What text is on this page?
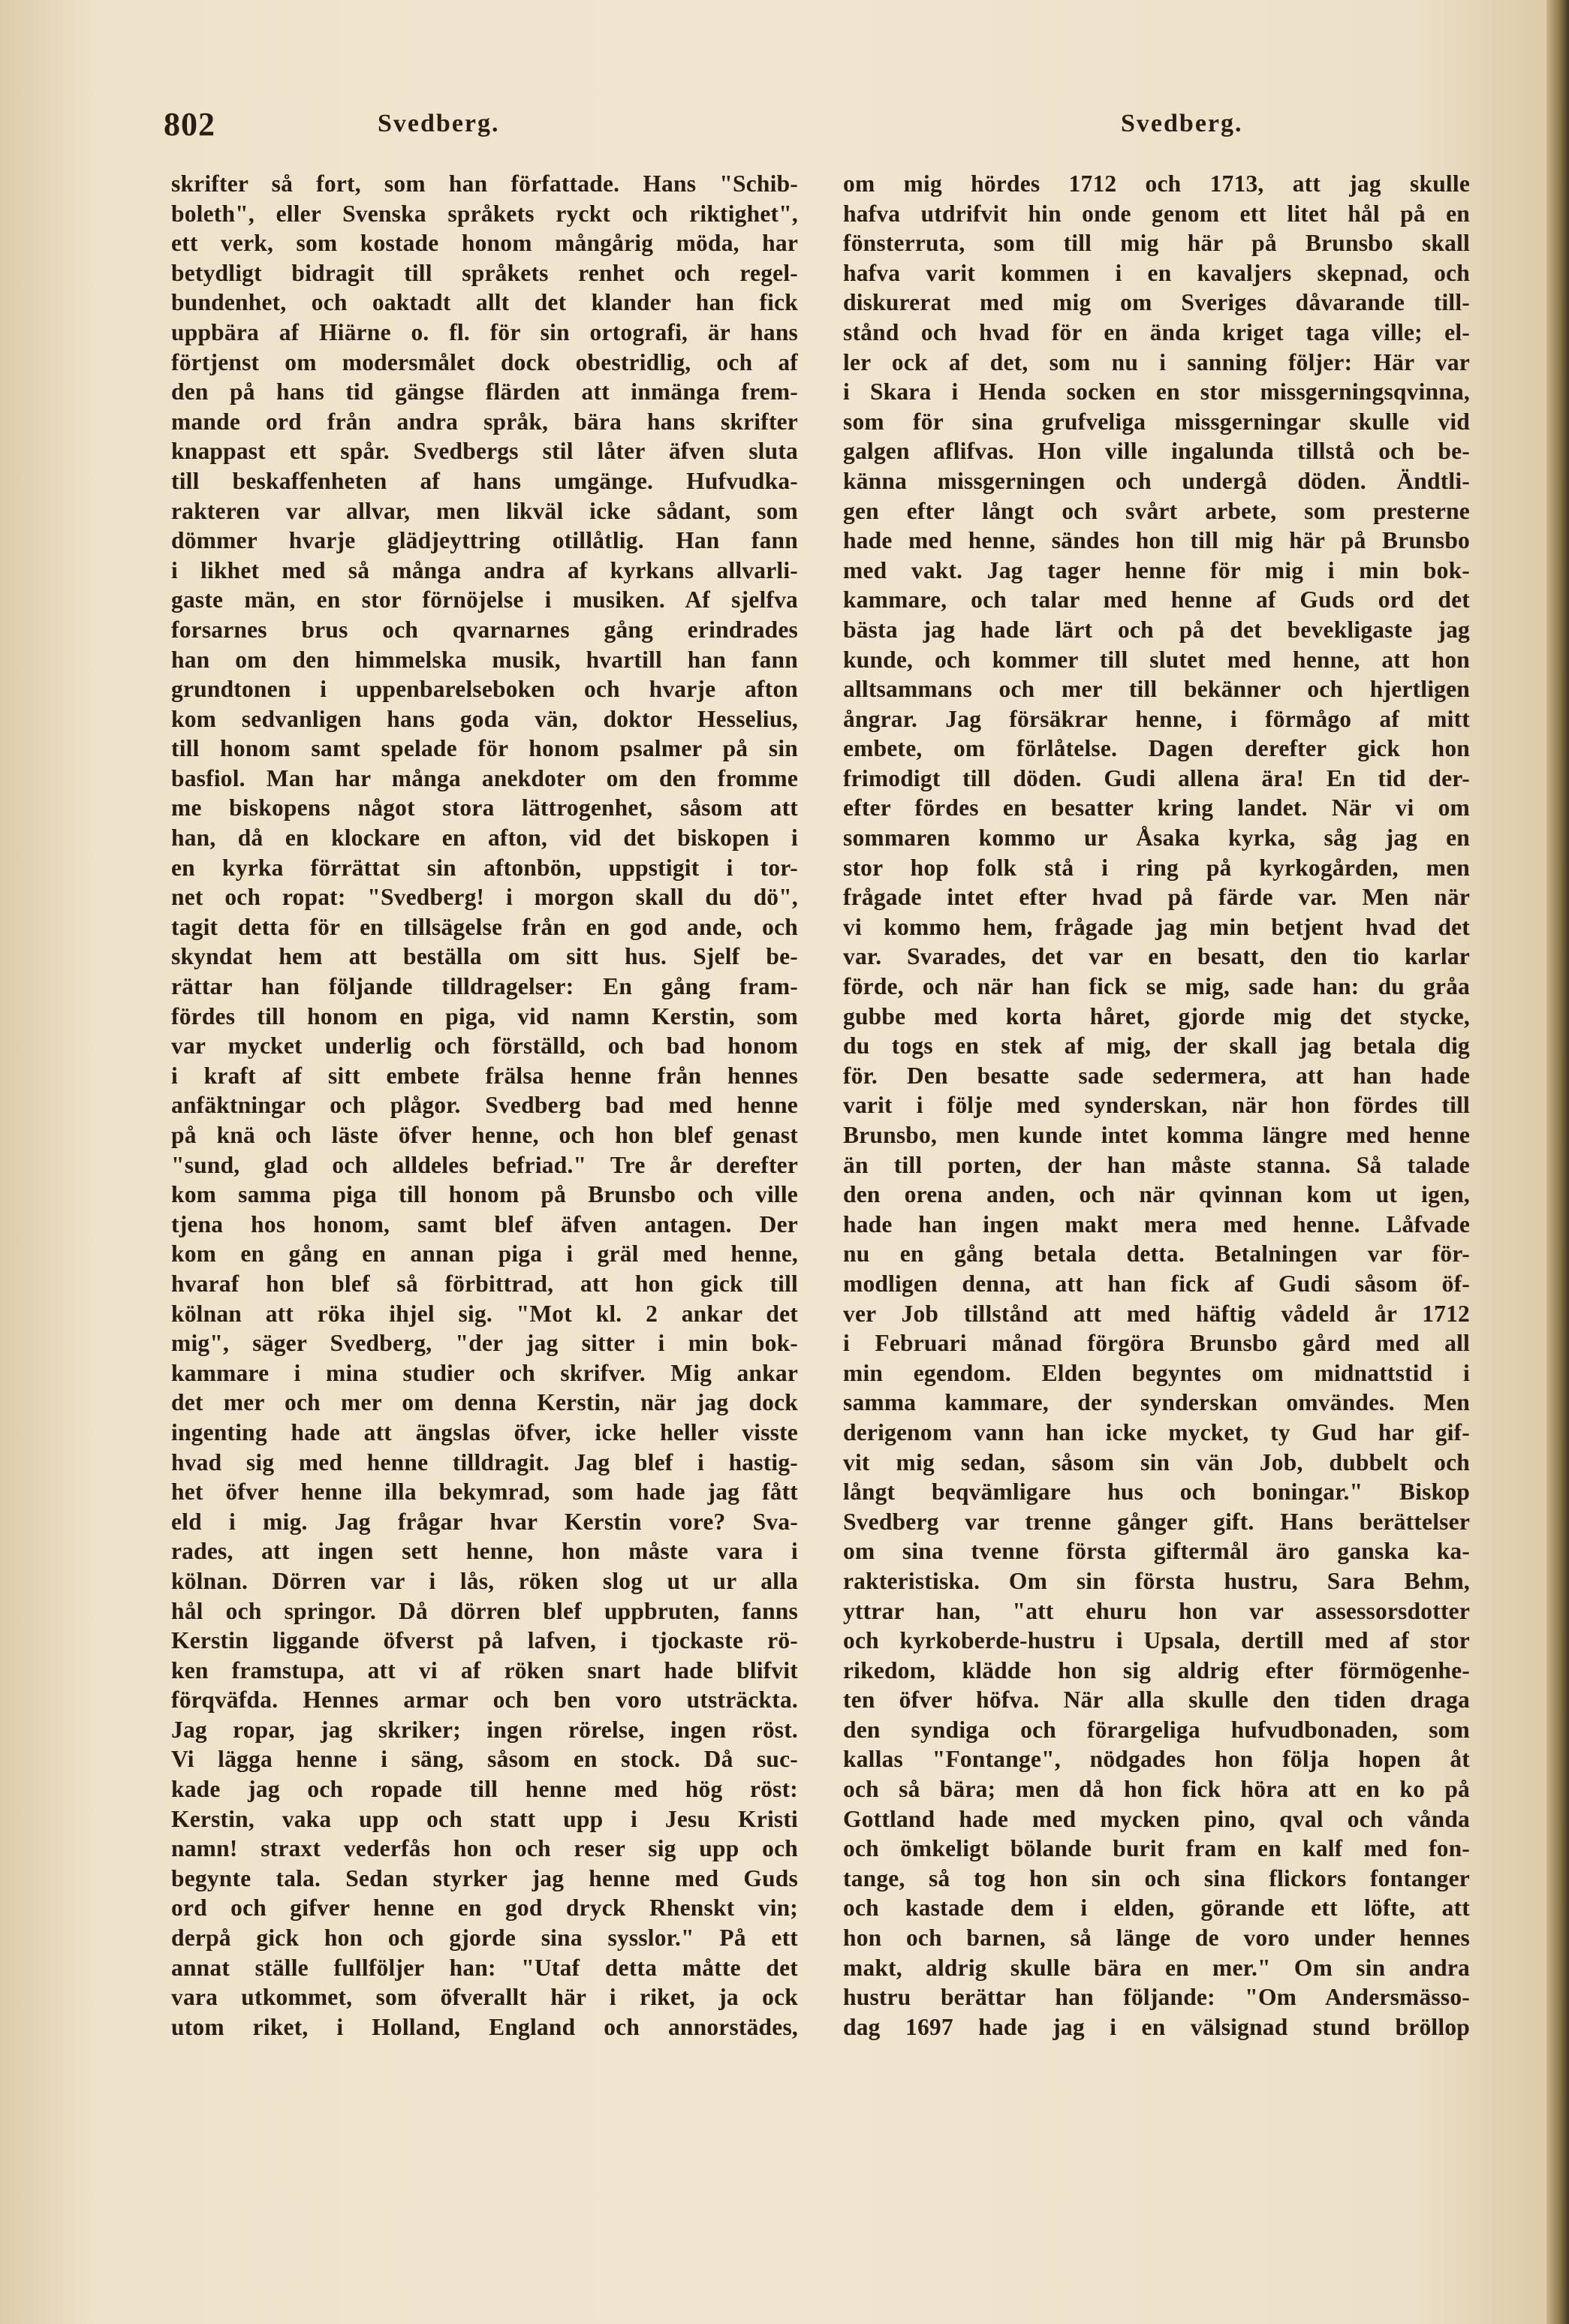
802	Svedberg.	Svedberg.
skrifter så fort, som han författade. Hans "Schib-
boleth", eller Svenska språkets ryckt och riktighet",
ett verk, som kostade honom mångårig möda, har
betydligt bidragit till språkets renhet och regel-
bundenhet, och oaktadt allt det klander han fick
uppbära af Hiärne o. fl. för sin ortografi, är hans
förtjenst om modersmålet dock obestridlig, och af
den på hans tid gängse flärden att inmänga frem-
mande ord från andra språk, bära hans skrifter
knappast ett spår. Svedbergs stil låter äfven sluta
till beskaffenheten af hans umgänge. Hufvudka-
rakteren var allvar, men likväl icke sådant, som
dömmer hvarje glädjeyttring otillåtlig. Han fann
i likhet med så många andra af kyrkans allvarli-
gaste män, en stor förnöjelse i musiken. Af sjelfva
forsarnes brus och qvarnarnes gång erindrades
han om den himmelska musik, hvartill han fann
grundtonen i uppenbarelseboken och hvarje afton
kom sedvanligen hans goda vän, doktor Hesselius,
till honom samt spelade för honom psalmer på sin
basfiol. Man har många anekdoter om den fromme
me biskopens något stora lättrogenhet, såsom att
han, då en klockare en afton, vid det biskopen i
en kyrka förrättat sin aftonbön, uppstigit i tor-
net och ropat: "Svedberg! i morgon skall du dö",
tagit detta för en tillsägelse från en god ande, och
skyndat hem att beställa om sitt hus. Sjelf be-
rättar han följande tilldragelser: En gång fram-
fördes till honom en piga, vid namn Kerstin, som
var mycket underlig och förställd, och bad honom
i kraft af sitt embete frälsa henne från hennes
anfäktningar och plågor. Svedberg bad med henne
på knä och läste öfver henne, och hon blef genast
"sund, glad och alldeles befriad." Tre år derefter
kom samma piga till honom på Brunsbo och ville
tjena hos honom, samt blef äfven antagen. Der
kom en gång en annan piga i gräl med henne,
hvaraf hon blef så förbittrad, att hon gick till
kölnan att röka ihjel sig. "Mot kl. 2 ankar det
mig", säger Svedberg, "der jag sitter i min bok-
kammare i mina studier och skrifver. Mig ankar
det mer och mer om denna Kerstin, när jag dock
ingenting hade att ängslas öfver, icke heller visste
hvad sig med henne tilldragit. Jag blef i hastig-
het öfver henne illa bekymrad, som hade jag fått
eld i mig. Jag frågar hvar Kerstin vore? Sva-
rades, att ingen sett henne, hon måste vara i
kölnan. Dörren var i lås, röken slog ut ur alla
hål och springor. Då dörren blef uppbruten, fanns
Kerstin liggande öfverst på lafven, i tjockaste rö-
ken framstupa, att vi af röken snart hade blifvit
förqväfda. Hennes armar och ben voro utsträckta.
Jag ropar, jag skriker; ingen rörelse, ingen röst.
Vi lägga henne i säng, såsom en stock. Då suc-
kade jag och ropade till henne med hög röst:
Kerstin, vaka upp och statt upp i Jesu Kristi
namn! straxt vederfås hon och reser sig upp och
begynte tala. Sedan styrker jag henne med Guds
ord och gifver henne en god dryck Rhenskt vin;
derpå gick hon och gjorde sina sysslor." På ett
annat ställe fullföljer han: "Utaf detta måtte det
vara utkommet, som öfverallt här i riket, ja ock
utom riket, i Holland, England och annorstädes,
om mig hördes 1712 och 1713, att jag skulle
hafva utdrifvit hin onde genom ett litet hål på en
fönsterruta, som till mig här på Brunsbo skall
hafva varit kommen i en kavaljers skepnad, och
diskurerat med mig om Sveriges dåvarande till-
stånd och hvad för en ända kriget taga ville; el-
ler ock af det, som nu i sanning följer: Här var
i Skara i Henda socken en stor missgerningsqvinna,
som för sina grufveliga missgerningar skulle vid
galgen aflifvas. Hon ville ingalunda tillstå och be-
känna missgerningen och undergå döden. Ändtli-
gen efter långt och svårt arbete, som presterne
hade med henne, sändes hon till mig här på Brunsbo
med vakt. Jag tager henne för mig i min bok-
kammare, och talar med henne af Guds ord det
bästa jag hade lärt och på det bevekligaste jag
kunde, och kommer till slutet med henne, att hon
alltsammans och mer till bekänner och hjertligen
ångrar. Jag försäkrar henne, i förmågo af mitt
embete, om förlåtelse. Dagen derefter gick hon
frimodigt till döden. Gudi allena ära! En tid der-
efter fördes en besatter kring landet. När vi om
sommaren kommo ur Åsaka kyrka, såg jag en
stor hop folk stå i ring på kyrkogården, men
frågade intet efter hvad på färde var. Men när
vi kommo hem, frågade jag min betjent hvad det
var. Svarades, det var en besatt, den tio karlar
förde, och när han fick se mig, sade han: du gråa
gubbe med korta håret, gjorde mig det stycke,
du togs en stek af mig, der skall jag betala dig
för. Den besatte sade sedermera, att han hade
varit i följe med synderskan, när hon fördes till
Brunsbo, men kunde intet komma längre med henne
än till porten, der han måste stanna. Så talade
den orena anden, och när qvinnan kom ut igen,
hade han ingen makt mera med henne. Låfvade
nu en gång betala detta. Betalningen var för-
modligen denna, att han fick af Gudi såsom öf-
ver Job tillstånd att med häftig vådeld år 1712
i Februari månad förgöra Brunsbo gård med all
min egendom. Elden begyntes om midnattstid i
samma kammare, der synderskan omvändes. Men
derigenom vann han icke mycket, ty Gud har gif-
vit mig sedan, såsom sin vän Job, dubbelt och
långt beqvämligare hus och boningar." Biskop
Svedberg var trenne gånger gift. Hans berättelser
om sina tvenne första giftermål äro ganska ka-
rakteristiska. Om sin första hustru, Sara Behm,
yttrar han, "att ehuru hon var assessorsdotter
och kyrkoberde-hustru i Upsala, dertill med af stor
rikedom, klädde hon sig aldrig efter förmögenhe-
ten öfver höfva. När alla skulle den tiden draga
den syndiga och förargeliga hufvudbonaden, som
kallas "Fontange", nödgades hon följa hopen åt
och så bära; men då hon fick höra att en ko på
Gottland hade med mycken pino, qval och vånda
och ömkeligt bölande burit fram en kalf med fon-
tange, så tog hon sin och sina flickors fontanger
och kastade dem i elden, görande ett löfte, att
hon och barnen, så länge de voro under hennes
makt, aldrig skulle bära en mer." Om sin andra
hustru berättar han följande: "Om Andersmässo-
dag 1697 hade jag i en välsignad stund bröllop
